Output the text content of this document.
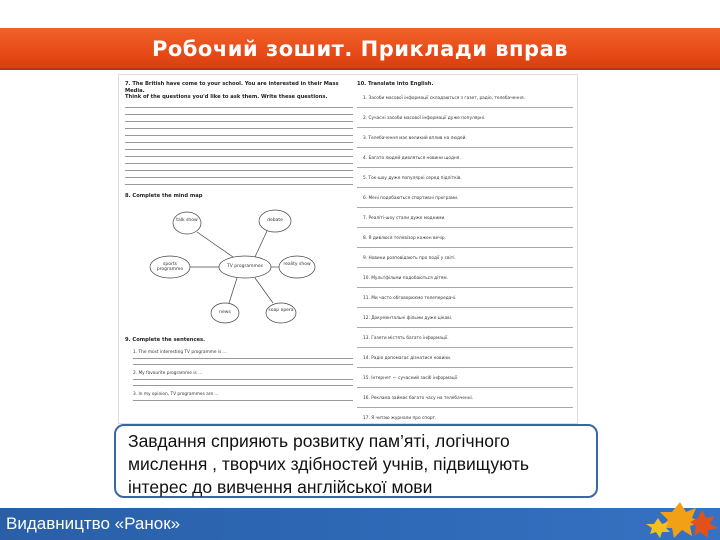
Робочий зошит. Приклади вправ
7. The British have come to your school. You are interested in their Mass Media.
Think of the questions you'd like to ask them. Write these questions.
8. Complete the mind map
TV programmes
talk show	debate
sports programme
reality show
news	soap opera
9. Complete the sentences.
1. The most interesting TV programme is ...
2. My favourite programme is ...
3. In my opinion, TV programmes are ...
10. Translate into English.
1. Засоби масової інформації складаються з газет, радіо, телебачення.
2. Сучасні засоби масової інформації дуже популярні.
3. Телебачення має великий вплив на людей.
4. Багато людей дивляться новини щодня.
5. Ток-шоу дуже популярні серед підлітків.
6. Мені подобаються спортивні програми.
7. Реаліті-шоу стали дуже модними.
8. Я дивлюся телевізор кожен вечір.
9. Новини розповідають про події у світі.
10. Мультфільми подобаються дітям.
11. Ми часто обговорюємо телепередачі.
12. Документальні фільми дуже цікаві.
13. Газети містять багато інформації.
14. Радіо допомагає дізнатися новини.
15. Інтернет — сучасний засіб інформації.
16. Реклама займає багато часу на телебаченні.
17. Я читаю журнали про спорт.

Завдання сприяють розвитку пам’яті, логічного мислення , творчих здібностей учнів, підвищують інтерес до вивчення англійської мови

Видавництво «Ранок»
